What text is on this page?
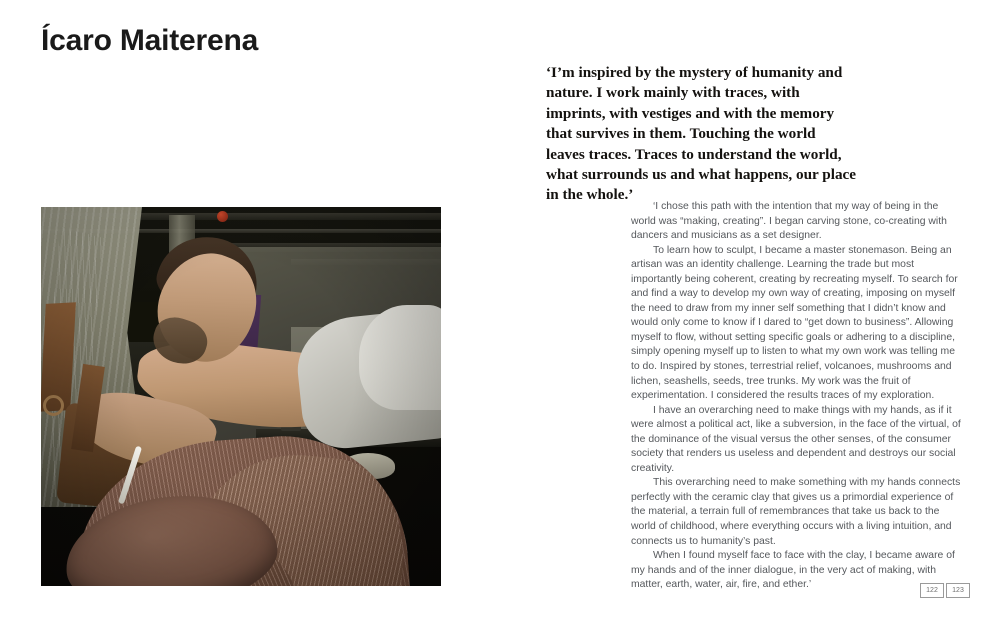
Ícaro Maiterena
‘I’m inspired by the mystery of humanity and nature. I work mainly with traces, with imprints, with vestiges and with the memory that survives in them. Touching the world leaves traces. Traces to understand the world, what surrounds us and what happens, our place in the whole.’

‘I chose this path with the intention that my way of being in the world was “making, creating”. I began carving stone, co-creating with dancers and musicians as a set designer.

To learn how to sculpt, I became a master stonemason. Being an artisan was an identity challenge. Learning the trade but most importantly being coherent, creating by recreating myself. To search for and find a way to develop my own way of creating, imposing on myself the need to draw from my inner self something that I didn’t know and would only come to know if I dared to “get down to business”. Allowing myself to flow, without setting specific goals or adhering to a discipline, simply opening myself up to listen to what my own work was telling me to do. Inspired by stones, terrestrial relief, volcanoes, mushrooms and lichen, seashells, seeds, tree trunks. My work was the fruit of experimentation. I considered the results traces of my exploration.

I have an overarching need to make things with my hands, as if it were almost a political act, like a subversion, in the face of the virtual, of the dominance of the visual versus the other senses, of the consumer society that renders us useless and dependent and destroys our social creativity.

This overarching need to make something with my hands connects perfectly with the ceramic clay that gives us a primordial experience of the material, a terrain full of remembrances that take us back to the world of childhood, where everything occurs with a living intuition, and connects us to humanity’s past.

When I found myself face to face with the clay, I became aware of my hands and of the inner dialogue, in the very act of making, with matter, earth, water, air, fire, and ether.’

122	123
